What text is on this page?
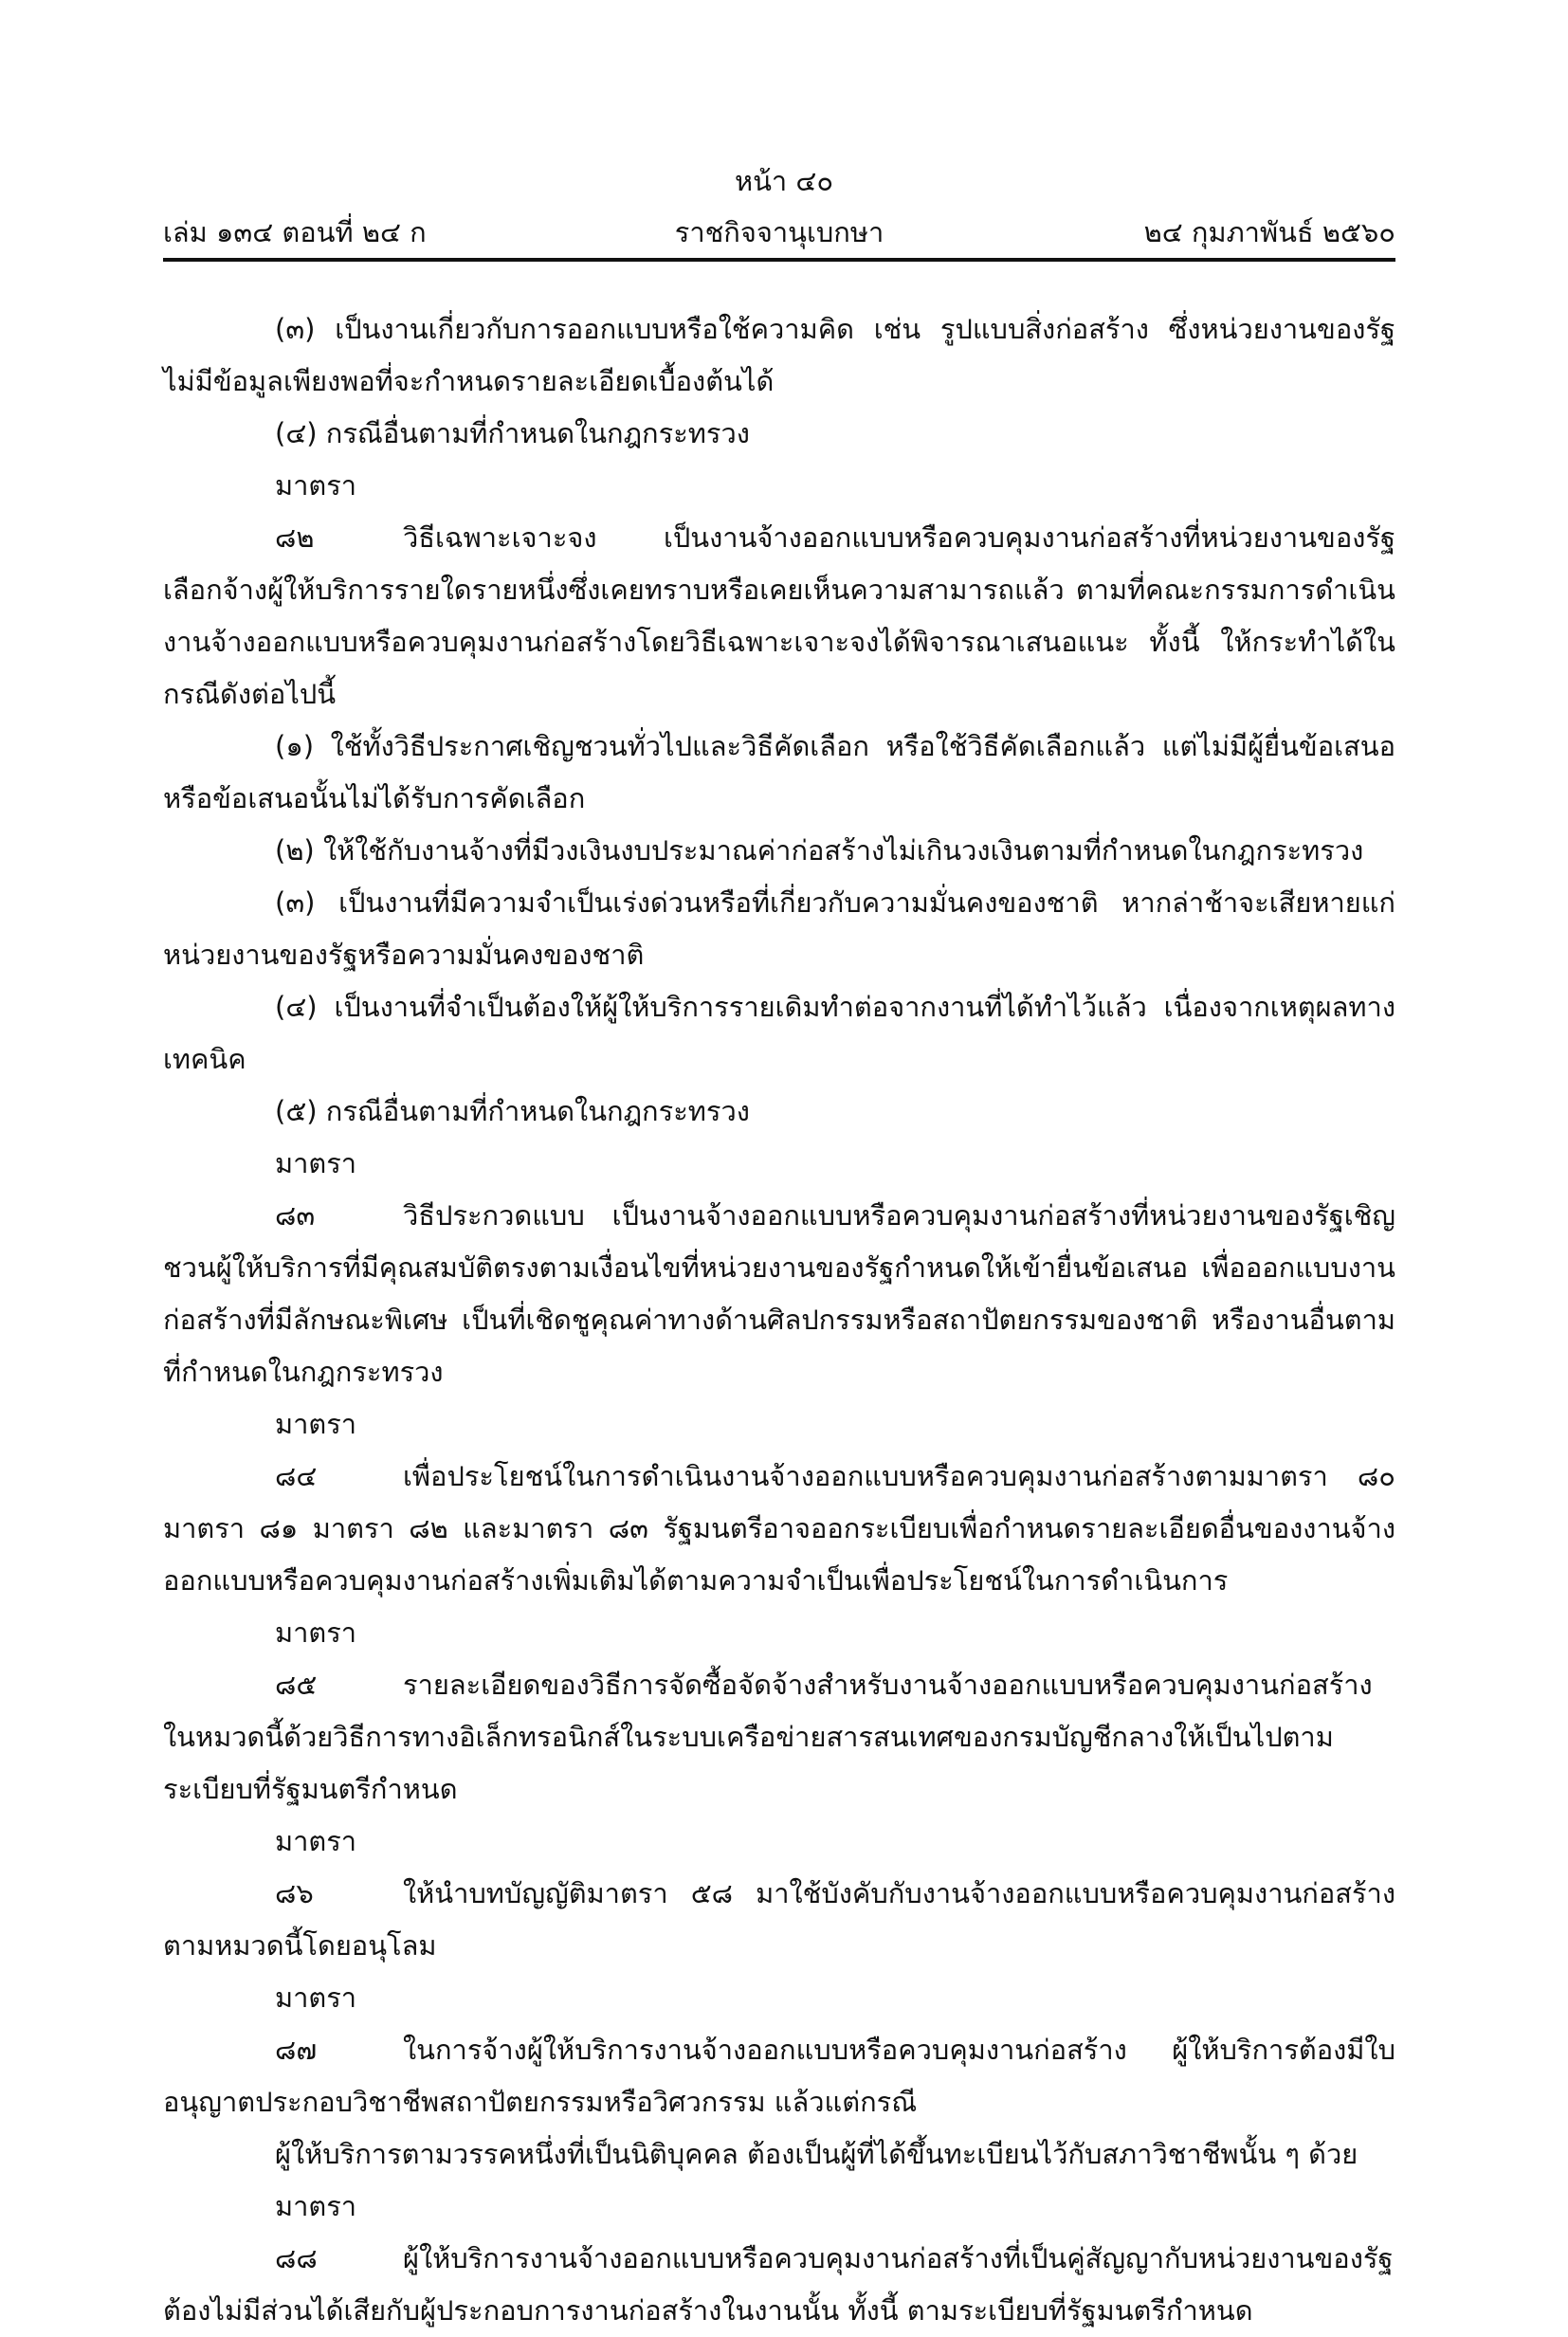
หน้า ๔๐
เล่ม ๑๓๔ ตอนที่ ๒๔ ก	ราชกิจจานุเบกษา	๒๔ กุมภาพันธ์ ๒๕๖๐

(๓) เป็นงานเกี่ยวกับการออกแบบหรือใช้ความคิด เช่น รูปแบบสิ่งก่อสร้าง ซึ่งหน่วยงานของรัฐไม่มีข้อมูลเพียงพอที่จะกำหนดรายละเอียดเบื้องต้นได้

(๔) กรณีอื่นตามที่กำหนดในกฎกระทรวง

มาตรา ๘๒	วิธีเฉพาะเจาะจง เป็นงานจ้างออกแบบหรือควบคุมงานก่อสร้างที่หน่วยงานของรัฐเลือกจ้างผู้ให้บริการรายใดรายหนึ่งซึ่งเคยทราบหรือเคยเห็นความสามารถแล้ว ตามที่คณะกรรมการดำเนินงานจ้างออกแบบหรือควบคุมงานก่อสร้างโดยวิธีเฉพาะเจาะจงได้พิจารณาเสนอแนะ ทั้งนี้ ให้กระทำได้ในกรณีดังต่อไปนี้

(๑) ใช้ทั้งวิธีประกาศเชิญชวนทั่วไปและวิธีคัดเลือก หรือใช้วิธีคัดเลือกแล้ว แต่ไม่มีผู้ยื่นข้อเสนอหรือข้อเสนอนั้นไม่ได้รับการคัดเลือก

(๒) ให้ใช้กับงานจ้างที่มีวงเงินงบประมาณค่าก่อสร้างไม่เกินวงเงินตามที่กำหนดในกฎกระทรวง

(๓) เป็นงานที่มีความจำเป็นเร่งด่วนหรือที่เกี่ยวกับความมั่นคงของชาติ หากล่าช้าจะเสียหายแก่หน่วยงานของรัฐหรือความมั่นคงของชาติ

(๔) เป็นงานที่จำเป็นต้องให้ผู้ให้บริการรายเดิมทำต่อจากงานที่ได้ทำไว้แล้ว เนื่องจากเหตุผลทางเทคนิค

(๕) กรณีอื่นตามที่กำหนดในกฎกระทรวง

มาตรา ๘๓	วิธีประกวดแบบ เป็นงานจ้างออกแบบหรือควบคุมงานก่อสร้างที่หน่วยงานของรัฐเชิญชวนผู้ให้บริการที่มีคุณสมบัติตรงตามเงื่อนไขที่หน่วยงานของรัฐกำหนดให้เข้ายื่นข้อเสนอ เพื่อออกแบบงานก่อสร้างที่มีลักษณะพิเศษ เป็นที่เชิดชูคุณค่าทางด้านศิลปกรรมหรือสถาปัตยกรรมของชาติ หรืองานอื่นตามที่กำหนดในกฎกระทรวง

มาตรา ๘๔	เพื่อประโยชน์ในการดำเนินงานจ้างออกแบบหรือควบคุมงานก่อสร้างตามมาตรา ๘๐ มาตรา ๘๑ มาตรา ๘๒ และมาตรา ๘๓ รัฐมนตรีอาจออกระเบียบเพื่อกำหนดรายละเอียดอื่นของงานจ้างออกแบบหรือควบคุมงานก่อสร้างเพิ่มเติมได้ตามความจำเป็นเพื่อประโยชน์ในการดำเนินการ

มาตรา ๘๕	รายละเอียดของวิธีการจัดซื้อจัดจ้างสำหรับงานจ้างออกแบบหรือควบคุมงานก่อสร้างในหมวดนี้ด้วยวิธีการทางอิเล็กทรอนิกส์ในระบบเครือข่ายสารสนเทศของกรมบัญชีกลางให้เป็นไปตามระเบียบที่รัฐมนตรีกำหนด

มาตรา ๘๖	ให้นำบทบัญญัติมาตรา ๕๘ มาใช้บังคับกับงานจ้างออกแบบหรือควบคุมงานก่อสร้างตามหมวดนี้โดยอนุโลม

มาตรา ๘๗	ในการจ้างผู้ให้บริการงานจ้างออกแบบหรือควบคุมงานก่อสร้าง ผู้ให้บริการต้องมีใบอนุญาตประกอบวิชาชีพสถาปัตยกรรมหรือวิศวกรรม แล้วแต่กรณี

ผู้ให้บริการตามวรรคหนึ่งที่เป็นนิติบุคคล ต้องเป็นผู้ที่ได้ขึ้นทะเบียนไว้กับสภาวิชาชีพนั้น ๆ ด้วย

มาตรา ๘๘	ผู้ให้บริการงานจ้างออกแบบหรือควบคุมงานก่อสร้างที่เป็นคู่สัญญากับหน่วยงานของรัฐต้องไม่มีส่วนได้เสียกับผู้ประกอบการงานก่อสร้างในงานนั้น ทั้งนี้ ตามระเบียบที่รัฐมนตรีกำหนด
